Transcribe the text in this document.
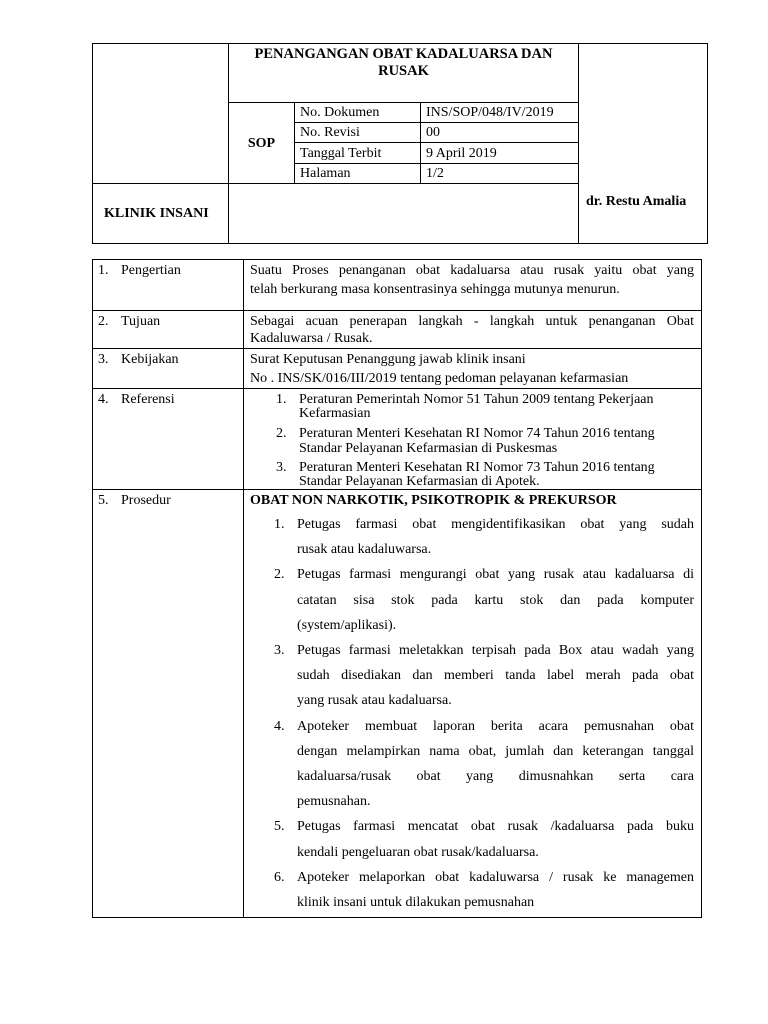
PENANGANGAN OBAT KADALUARSA DAN
RUSAK
SOP
KLINIK INSANI
dr. Restu Amalia
No. Dokumen	INS/SOP/048/IV/2019
No. Revisi	00
Tanggal Terbit	9 April 2019
Halaman	1/2
1. Pengertian	Suatu Proses penanganan obat kadaluarsa atau rusak yaitu obat yang
telah berkurang masa konsentrasinya sehingga mutunya menurun.
2. Tujuan	Sebagai acuan penerapan langkah - langkah untuk penanganan Obat
Kadaluwarsa / Rusak.
3. Kebijakan	Surat Keputusan Penanggung jawab klinik insani
No . INS/SK/016/III/2019 tentang pedoman pelayanan kefarmasian
4. Referensi	1. Peraturan Pemerintah Nomor 51 Tahun 2009 tentang Pekerjaan
Kefarmasian
2. Peraturan Menteri Kesehatan RI Nomor 74 Tahun 2016 tentang
Standar Pelayanan Kefarmasian di Puskesmas
3. Peraturan Menteri Kesehatan RI Nomor 73 Tahun 2016 tentang
Standar Pelayanan Kefarmasian di Apotek.
5. Prosedur	OBAT NON NARKOTIK, PSIKOTROPIK & PREKURSOR
1. Petugas farmasi obat mengidentifikasikan obat yang sudah
rusak atau kadaluwarsa.
2. Petugas farmasi mengurangi obat yang rusak atau kadaluarsa di
catatan sisa stok pada kartu stok dan pada komputer
(system/aplikasi).
3. Petugas farmasi meletakkan terpisah pada Box atau wadah yang
sudah disediakan dan memberi tanda label merah pada obat
yang rusak atau kadaluarsa.
4. Apoteker membuat laporan berita acara pemusnahan obat
dengan melampirkan nama obat, jumlah dan keterangan tanggal
kadaluarsa/rusak obat yang dimusnahkan serta cara
pemusnahan.
5. Petugas farmasi mencatat obat rusak /kadaluarsa pada buku
kendali pengeluaran obat rusak/kadaluarsa.
6. Apoteker melaporkan obat kadaluwarsa / rusak ke managemen
klinik insani untuk dilakukan pemusnahan
